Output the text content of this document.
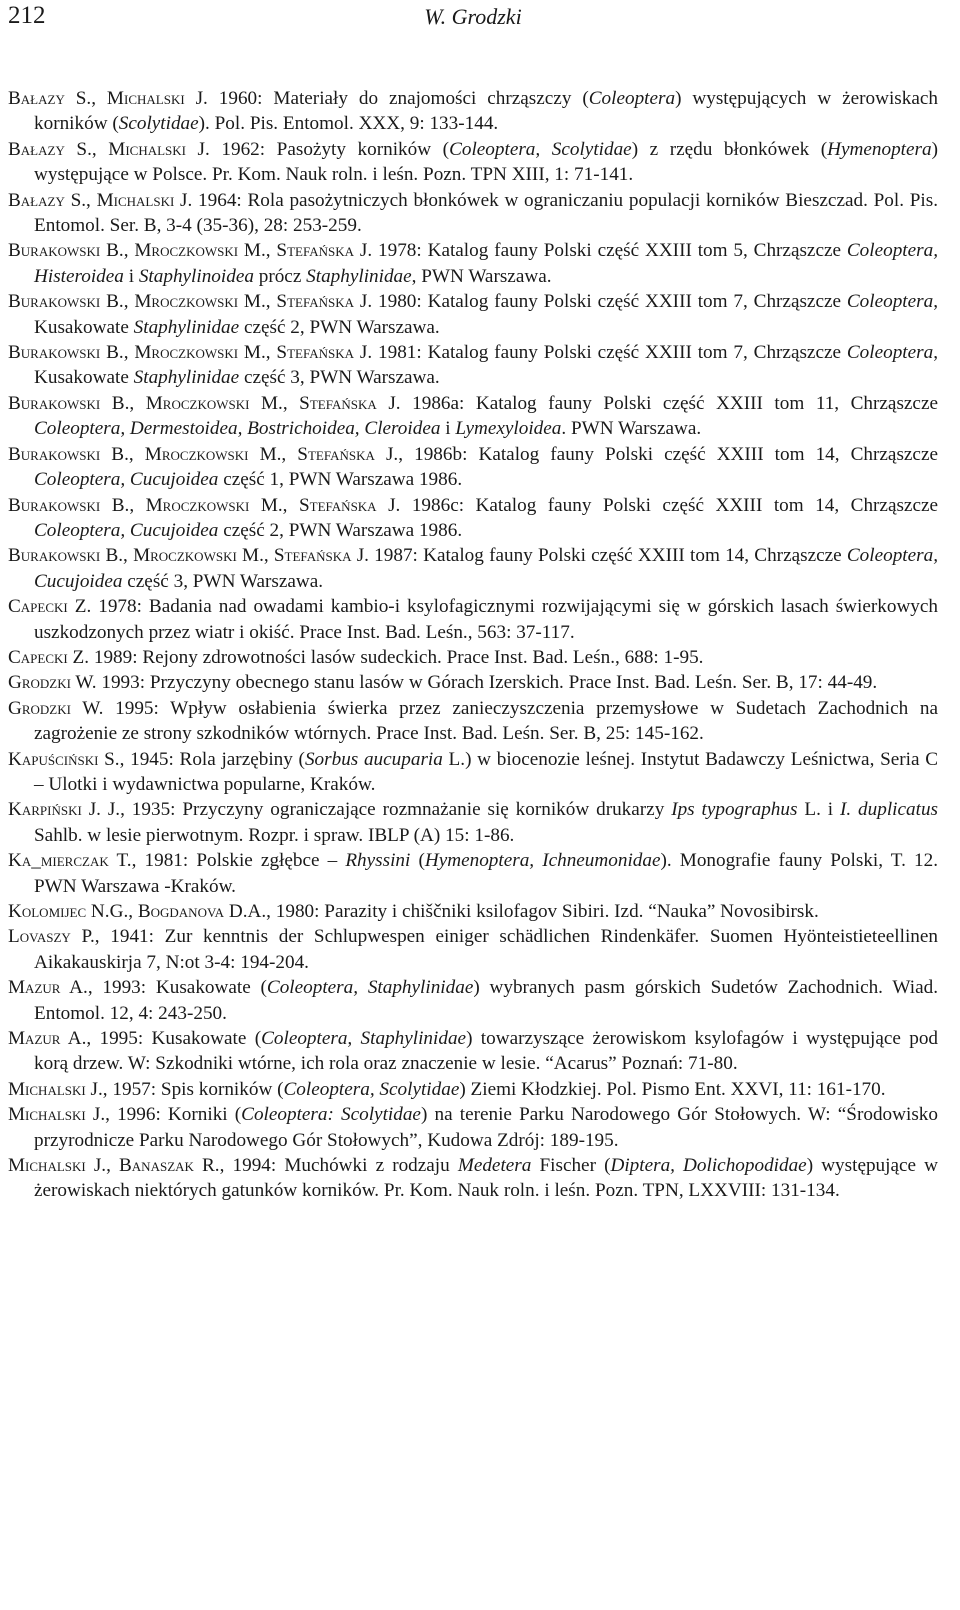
212	W. Grodzki

Bałazy S., Michalski J. 1960: Materiały do znajomości chrząszczy (Coleoptera) występujących w żerowiskach korników (Scolytidae). Pol. Pis. Entomol. XXX, 9: 133-144.

Bałazy S., Michalski J. 1962: Pasożyty korników (Coleoptera, Scolytidae) z rzędu błonkówek (Hymenoptera) występujące w Polsce. Pr. Kom. Nauk roln. i leśn. Pozn. TPN XIII, 1: 71-141.

Bałazy S., Michalski J. 1964: Rola pasożytniczych błonkówek w ograniczaniu populacji korników Bieszczad. Pol. Pis. Entomol. Ser. B, 3-4 (35-36), 28: 253-259.

Burakowski B., Mroczkowski M., Stefańska J. 1978: Katalog fauny Polski część XXIII tom 5, Chrząszcze Coleoptera, Histeroidea i Staphylinoidea prócz Staphylinidae, PWN Warszawa.

Burakowski B., Mroczkowski M., Stefańska J. 1980: Katalog fauny Polski część XXIII tom 7, Chrząszcze Coleoptera, Kusakowate Staphylinidae część 2, PWN Warszawa.

Burakowski B., Mroczkowski M., Stefańska J. 1981: Katalog fauny Polski część XXIII tom 7, Chrząszcze Coleoptera, Kusakowate Staphylinidae część 3, PWN Warszawa.

Burakowski B., Mroczkowski M., Stefańska J. 1986a: Katalog fauny Polski część XXIII tom 11, Chrząszcze Coleoptera, Dermestoidea, Bostrichoidea, Cleroidea i Lymexyloidea. PWN Warszawa.

Burakowski B., Mroczkowski M., Stefańska J., 1986b: Katalog fauny Polski część XXIII tom 14, Chrząszcze Coleoptera, Cucujoidea część 1, PWN Warszawa 1986.

Burakowski B., Mroczkowski M., Stefańska J. 1986c: Katalog fauny Polski część XXIII tom 14, Chrząszcze Coleoptera, Cucujoidea część 2, PWN Warszawa 1986.

Burakowski B., Mroczkowski M., Stefańska J. 1987: Katalog fauny Polski część XXIII tom 14, Chrząszcze Coleoptera, Cucujoidea część 3, PWN Warszawa.

Capecki Z. 1978: Badania nad owadami kambio-i ksylofagicznymi rozwijającymi się w górskich lasach świerkowych uszkodzonych przez wiatr i okiść. Prace Inst. Bad. Leśn., 563: 37-117.

Capecki Z. 1989: Rejony zdrowotności lasów sudeckich. Prace Inst. Bad. Leśn., 688: 1-95.

Grodzki W. 1993: Przyczyny obecnego stanu lasów w Górach Izerskich. Prace Inst. Bad. Leśn. Ser. B, 17: 44-49.

Grodzki W. 1995: Wpływ osłabienia świerka przez zanieczyszczenia przemysłowe w Sudetach Zachodnich na zagrożenie ze strony szkodników wtórnych. Prace Inst. Bad. Leśn. Ser. B, 25: 145-162.

Kapuściński S., 1945: Rola jarzębiny (Sorbus aucuparia L.) w biocenozie leśnej. Instytut Badawczy Leśnictwa, Seria C – Ulotki i wydawnictwa popularne, Kraków.

Karpiński J. J., 1935: Przyczyny ograniczające rozmnażanie się korników drukarzy Ips typographus L. i I. duplicatus Sahlb. w lesie pierwotnym. Rozpr. i spraw. IBLP (A) 15: 1-86.

Ka_mierczak T., 1981: Polskie zgłębce – Rhyssini (Hymenoptera, Ichneumonidae). Monografie fauny Polski, T. 12. PWN Warszawa -Kraków.

Kolomijec N.G., Bogdanova D.A., 1980: Parazity i chiščniki ksilofagov Sibiri. Izd. “Nauka” Novosibirsk.

Lovaszy P., 1941: Zur kenntnis der Schlupwespen einiger schädlichen Rindenkäfer. Suomen Hyönteistieteellinen Aikakauskirja 7, N:ot 3-4: 194-204.

Mazur A., 1993: Kusakowate (Coleoptera, Staphylinidae) wybranych pasm górskich Sudetów Zachodnich. Wiad. Entomol. 12, 4: 243-250.

Mazur A., 1995: Kusakowate (Coleoptera, Staphylinidae) towarzyszące żerowiskom ksylofagów i występujące pod korą drzew. W: Szkodniki wtórne, ich rola oraz znaczenie w lesie. “Acarus” Poznań: 71-80.

Michalski J., 1957: Spis korników (Coleoptera, Scolytidae) Ziemi Kłodzkiej. Pol. Pismo Ent. XXVI, 11: 161-170.

Michalski J., 1996: Korniki (Coleoptera: Scolytidae) na terenie Parku Narodowego Gór Stołowych. W: “Środowisko przyrodnicze Parku Narodowego Gór Stołowych”, Kudowa Zdrój: 189-195.

Michalski J., Banaszak R., 1994: Muchówki z rodzaju Medetera Fischer (Diptera, Dolichopodidae) występujące w żerowiskach niektórych gatunków korników. Pr. Kom. Nauk roln. i leśn. Pozn. TPN, LXXVIII: 131-134.
